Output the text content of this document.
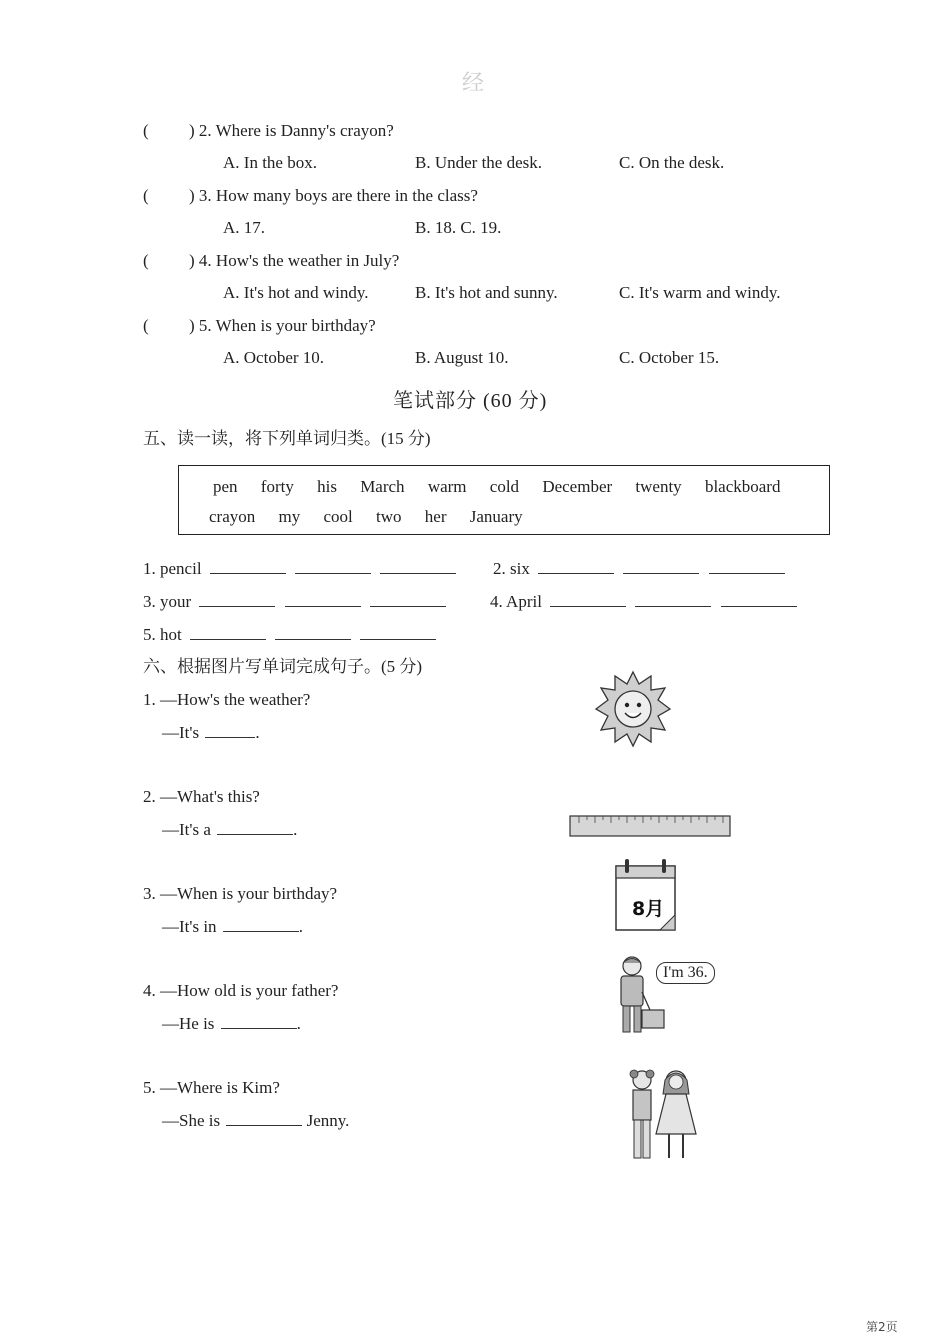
经
( ) 2. Where is Danny's crayon?
A. In the box.	B. Under the desk.	C. On the desk.
( ) 3. How many boys are there in the class?
A. 17.	B. 18. C. 19.
( ) 4. How's the weather in July?
A. It's hot and windy.	B. It's hot and sunny.	C. It's warm and windy.
( ) 5. When is your birthday?
A. October 10.	B. August 10.	C. October 15.
笔试部分 (60 分)
五、读一读，将下列单词归类。(15 分)
pen forty his March warm cold December twenty blackboard
crayon my cool two her January
1. pencil	2. six
3. your	4. April
5. hot
六、根据图片写单词完成句子。(5 分)
1. —How's the weather?
—It's	.
2. —What's this?
—It's a	.
3. —When is your birthday?
—It's in	.
4. —How old is your father?
—He is	.
5. —Where is Kim?
—She is	Jenny.
8月
I'm 36.
第2页
